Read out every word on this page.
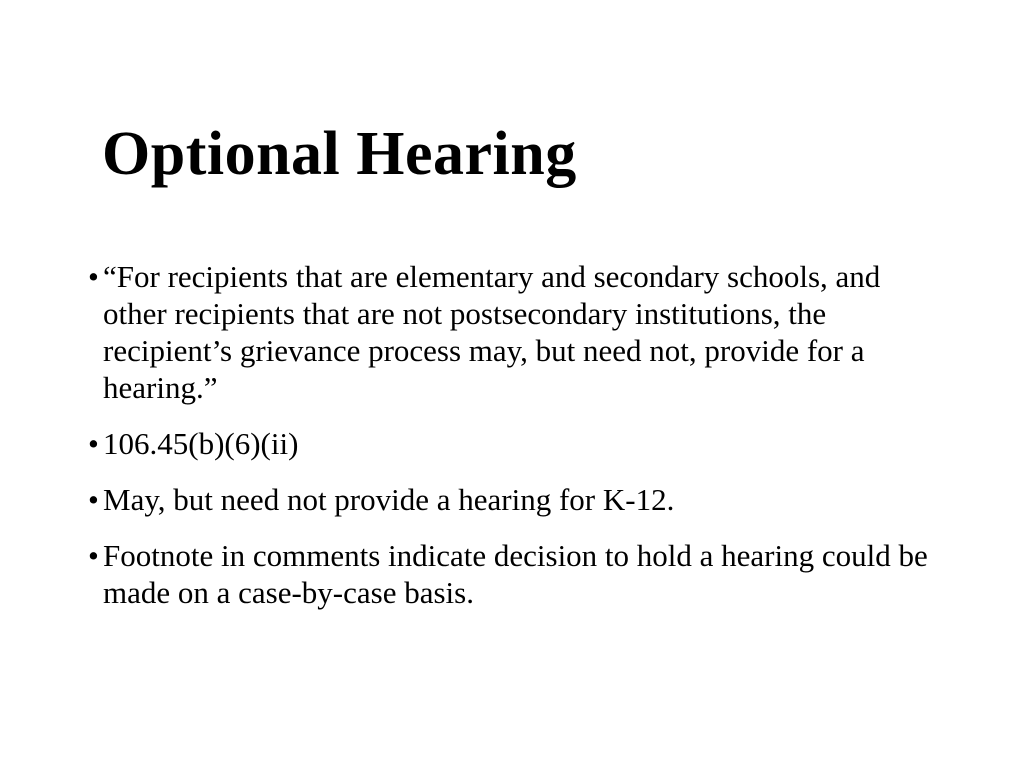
Optional Hearing
• “For recipients that are elementary and secondary schools, and other recipients that are not postsecondary institutions, the recipient’s grievance process may, but need not, provide for a hearing.”
• 106.45(b)(6)(ii)
• May, but need not provide a hearing for K-12.
• Footnote in comments indicate decision to hold a hearing could be made on a case-by-case basis.
